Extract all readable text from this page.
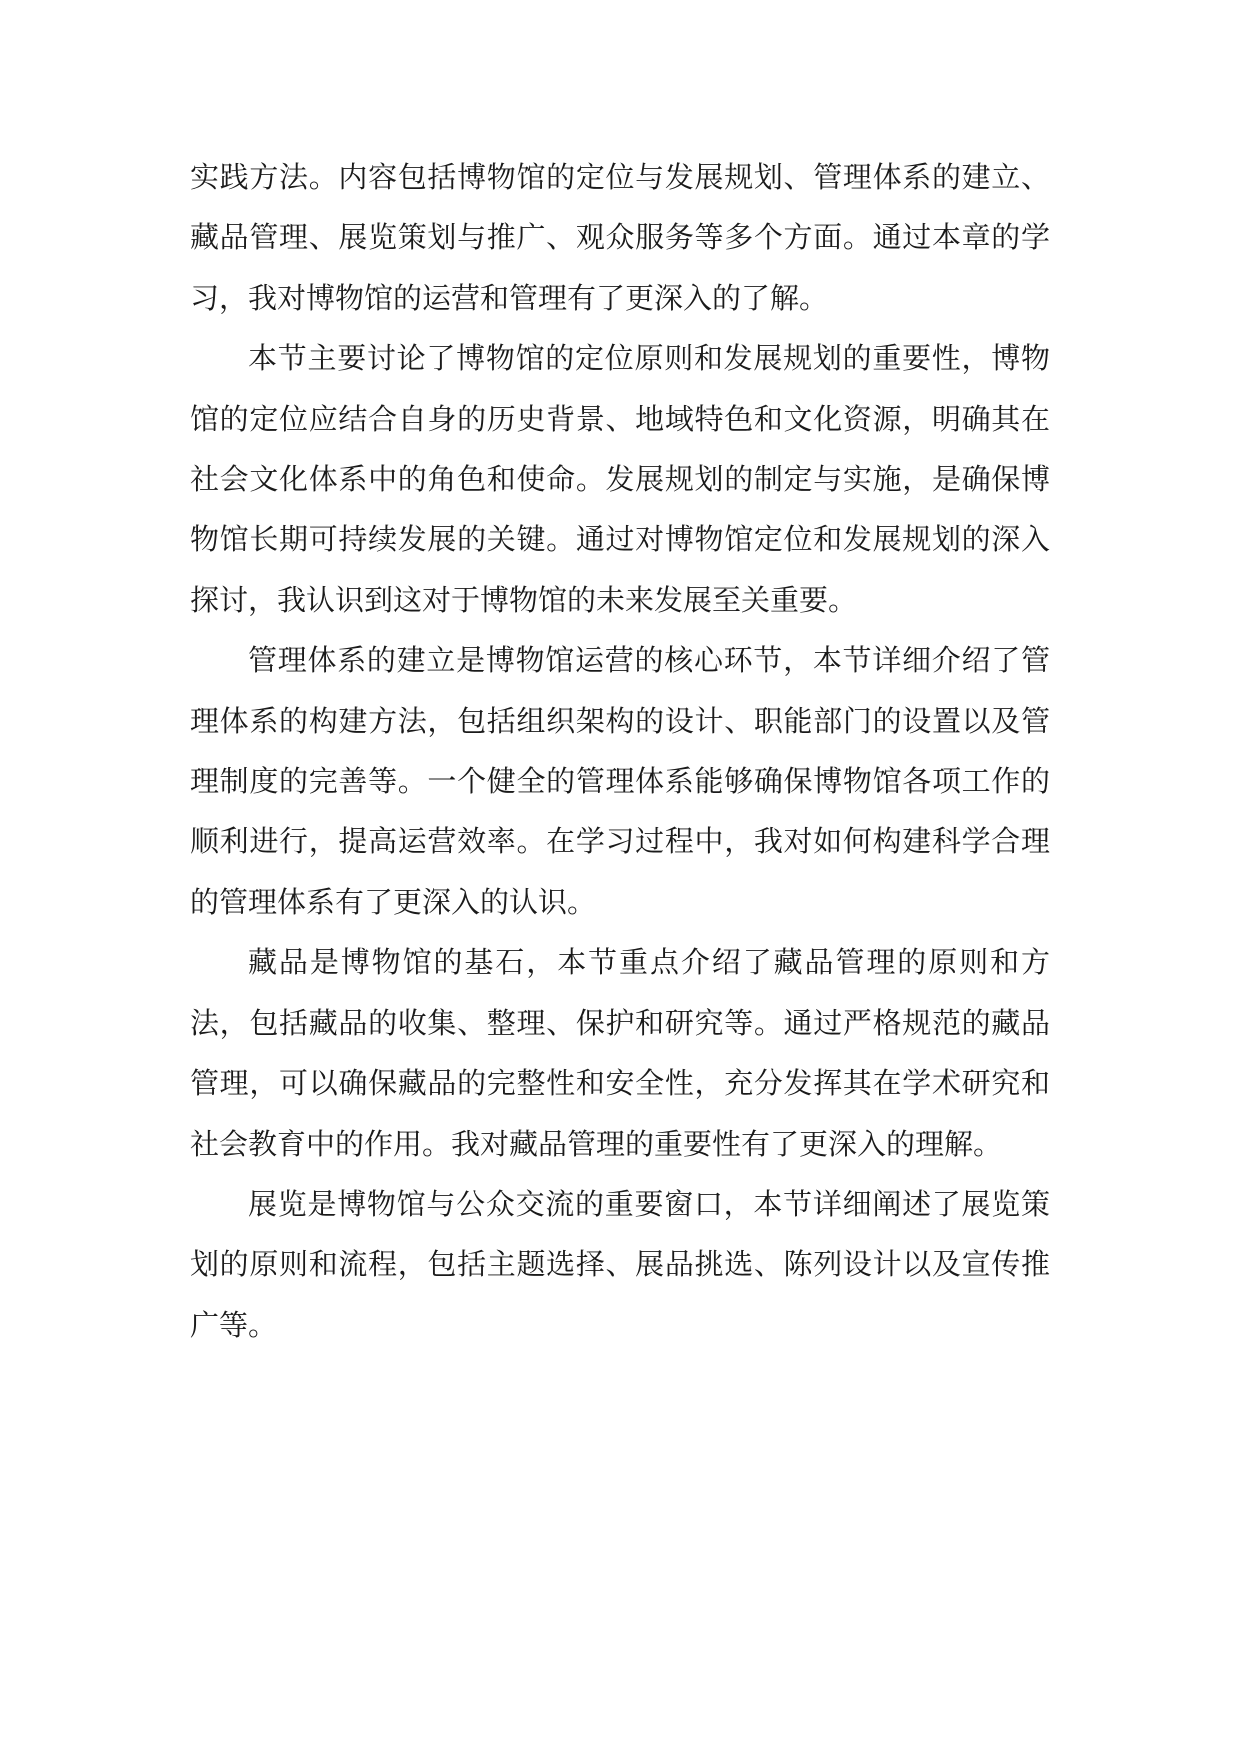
实践方法。内容包括博物馆的定位与发展规划、管理体系的建立、藏品管理、展览策划与推广、观众服务等多个方面。通过本章的学习，我对博物馆的运营和管理有了更深入的了解。

本节主要讨论了博物馆的定位原则和发展规划的重要性，博物馆的定位应结合自身的历史背景、地域特色和文化资源，明确其在社会文化体系中的角色和使命。发展规划的制定与实施，是确保博物馆长期可持续发展的关键。通过对博物馆定位和发展规划的深入探讨，我认识到这对于博物馆的未来发展至关重要。

管理体系的建立是博物馆运营的核心环节，本节详细介绍了管理体系的构建方法，包括组织架构的设计、职能部门的设置以及管理制度的完善等。一个健全的管理体系能够确保博物馆各项工作的顺利进行，提高运营效率。在学习过程中，我对如何构建科学合理的管理体系有了更深入的认识。

藏品是博物馆的基石，本节重点介绍了藏品管理的原则和方法，包括藏品的收集、整理、保护和研究等。通过严格规范的藏品管理，可以确保藏品的完整性和安全性，充分发挥其在学术研究和社会教育中的作用。我对藏品管理的重要性有了更深入的理解。

展览是博物馆与公众交流的重要窗口，本节详细阐述了展览策划的原则和流程，包括主题选择、展品挑选、陈列设计以及宣传推广等。
